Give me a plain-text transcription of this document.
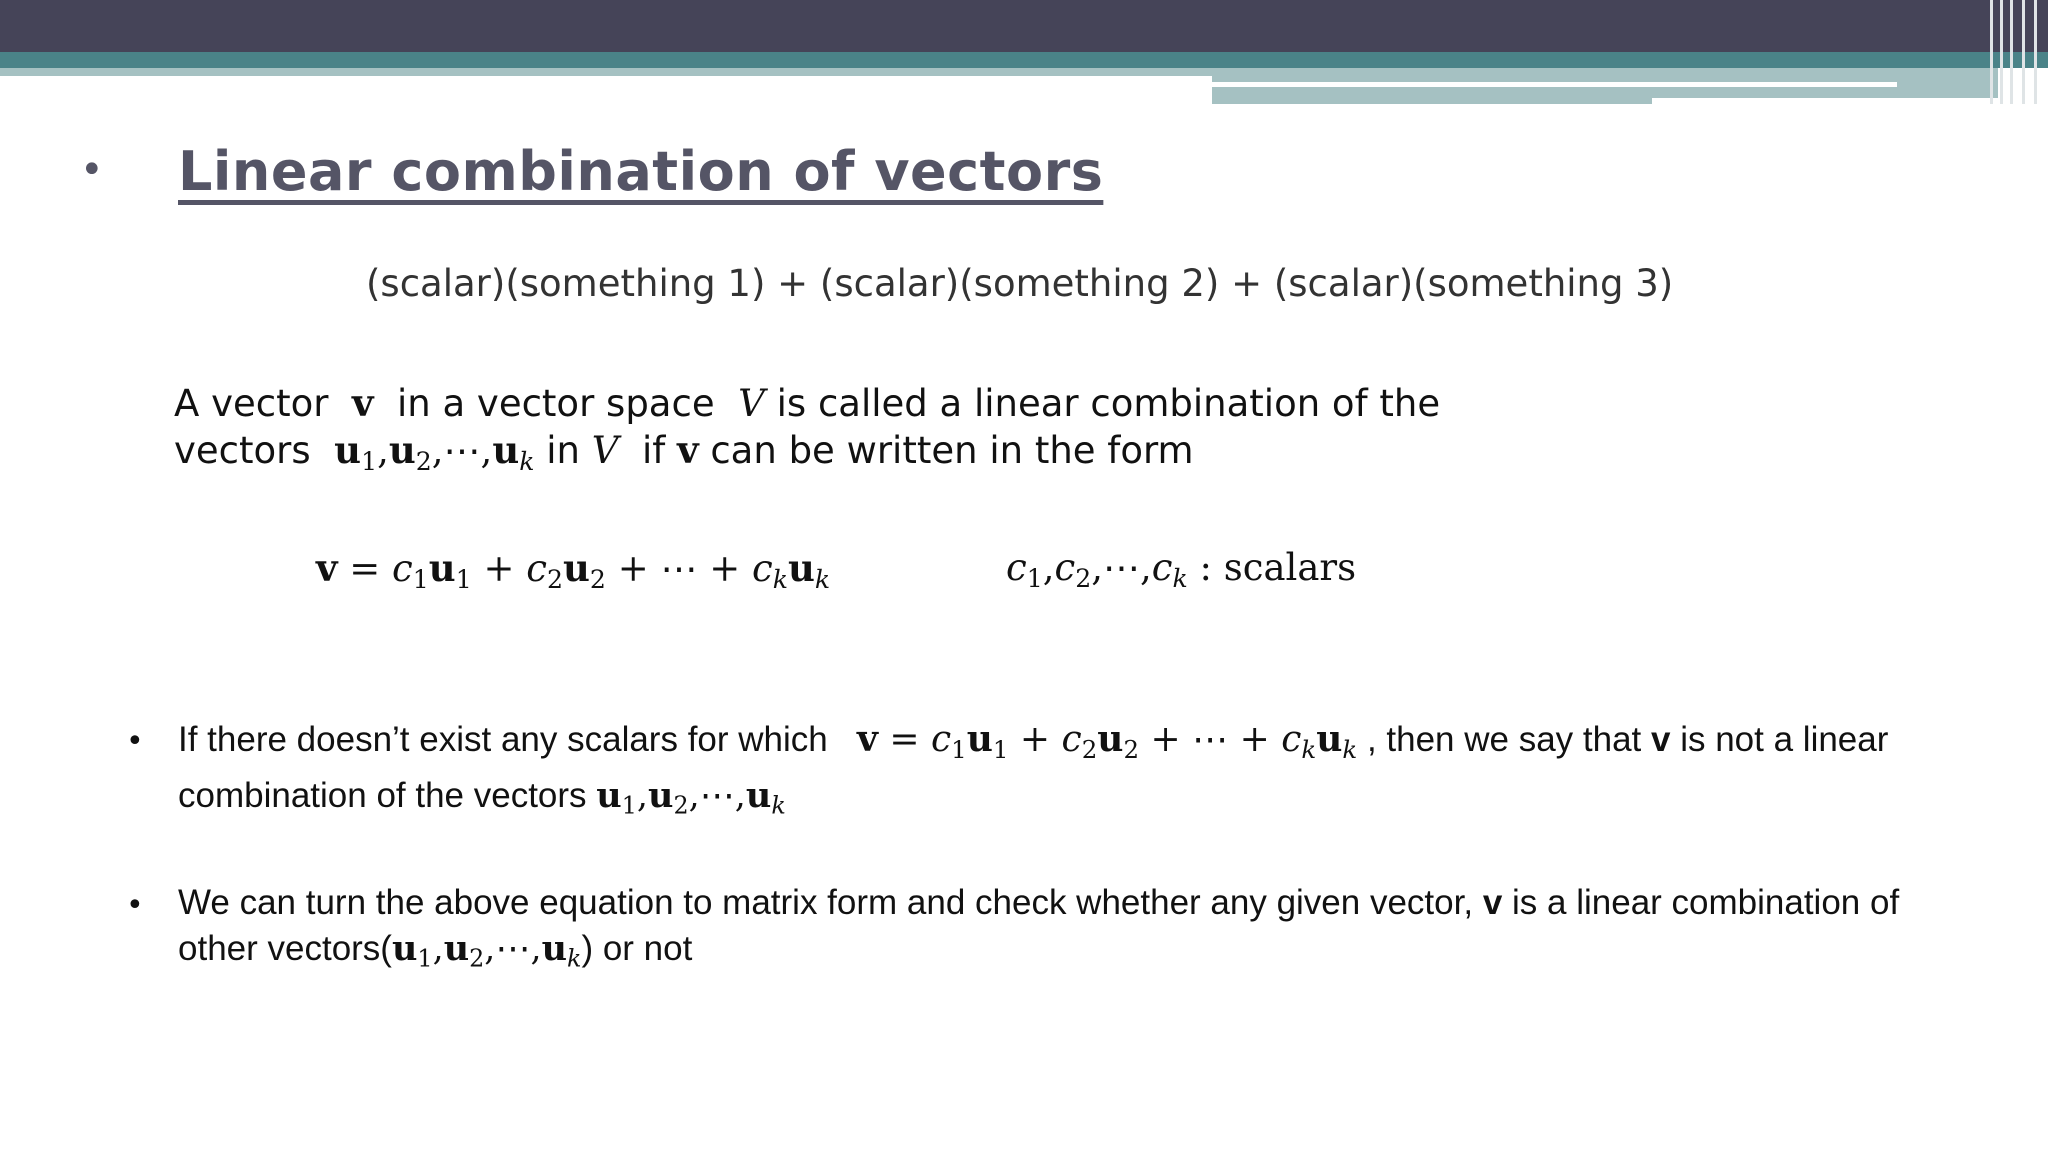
• Linear combination of vectors
(scalar)(something 1) + (scalar)(something 2) + (scalar)(something 3)
A vector v in a vector space V is called a linear combination of the
vectors $u_1,u_2,\cdots,u_k$ in V if v can be written in the form
$v = c_1u_1 + c_2u_2$ + ⋯ + $c_ku_k$	$c_1,c_2,\cdots,c_k$ : scalars
• If there doesn’t exist any scalars for which $v = c_1u_1 + c_2u_2$ + ⋯ + $c_ku_k$ , then we say that v is not a linear
combination of the vectors $u_1,u_2,\cdots,u_k$
• We can turn the above equation to matrix form and check whether any given vector, v is a linear combination of
other $vectors(u_1,u_2,\cdots,u_k)$ or not
